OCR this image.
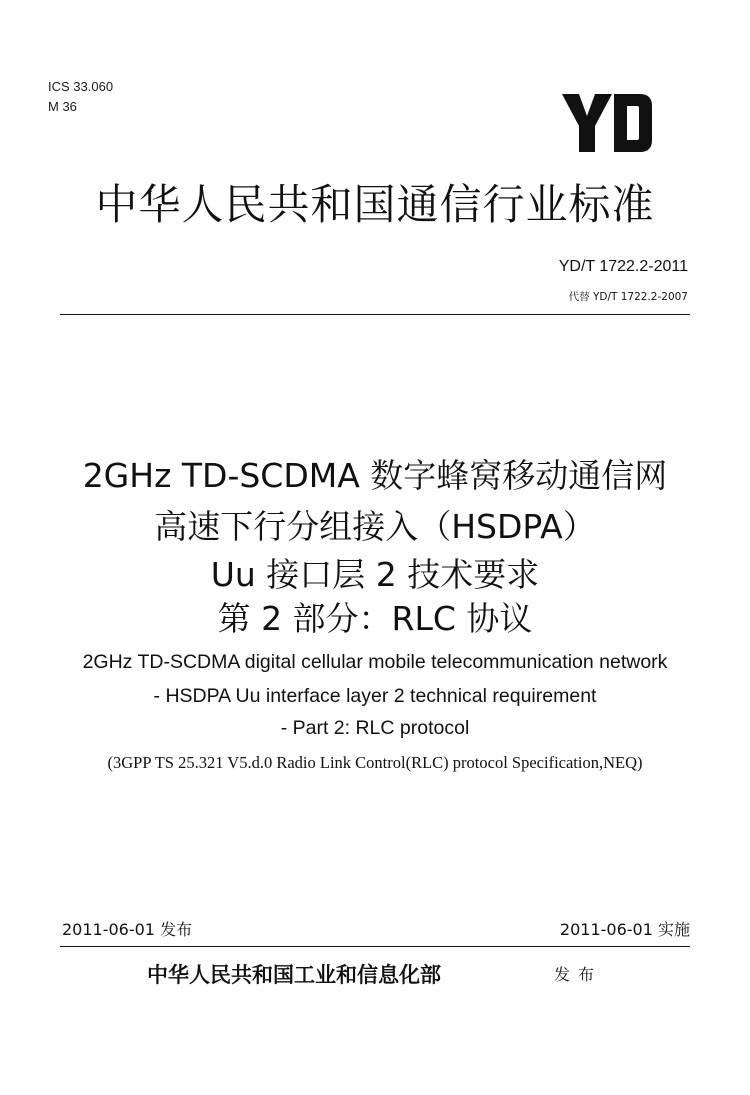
ICS 33.060
M 36
中华人民共和国通信行业标准
YD/T 1722.2-2011
代替 YD/T 1722.2-2007
2GHz TD-SCDMA 数字蜂窝移动通信网
高速下行分组接入（HSDPA）
Uu 接口层 2 技术要求
第 2 部分：RLC 协议
2GHz TD-SCDMA digital cellular mobile telecommunication network
- HSDPA Uu interface layer 2 technical requirement
- Part 2: RLC protocol
(3GPP TS 25.321 V5.d.0 Radio Link Control(RLC) protocol Specification,NEQ)
2011-06-01 发布	2011-06-01 实施
中华人民共和国工业和信息化部	发布
